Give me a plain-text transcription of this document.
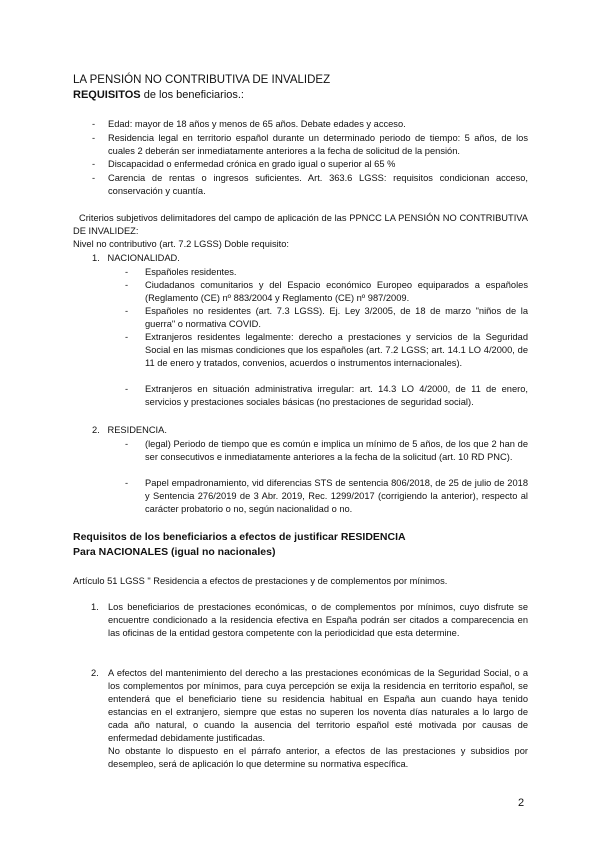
LA PENSIÓN NO CONTRIBUTIVA DE INVALIDEZ
REQUISITOS de los beneficiarios.:
- Edad: mayor de 18 años y menos de 65 años. Debate edades y acceso.
- Residencia legal en territorio español durante un determinado periodo de tiempo: 5 años, de los cuales 2 deberán ser inmediatamente anteriores a la fecha de solicitud de la pensión.
- Discapacidad o enfermedad crónica en grado igual o superior al 65 %
- Carencia de rentas o ingresos suficientes. Art. 363.6 LGSS: requisitos condicionan acceso, conservación y cuantía.
Criterios subjetivos delimitadores del campo de aplicación de las PPNCC LA PENSIÓN NO CONTRIBUTIVA DE INVALIDEZ:
Nivel no contributivo (art. 7.2 LGSS) Doble requisito:
1. NACIONALIDAD.
- Españoles residentes.
- Ciudadanos comunitarios y del Espacio económico Europeo equiparados a españoles (Reglamento (CE) nº 883/2004 y Reglamento (CE) nº 987/2009.
- Españoles no residentes (art. 7.3 LGSS). Ej. Ley 3/2005, de 18 de marzo "niños de la guerra" o normativa COVID.
- Extranjeros residentes legalmente: derecho a prestaciones y servicios de la Seguridad Social en las mismas condiciones que los españoles (art. 7.2 LGSS; art. 14.1 LO 4/2000, de 11 de enero y tratados, convenios, acuerdos o instrumentos internacionales).
- Extranjeros en situación administrativa irregular: art. 14.3 LO 4/2000, de 11 de enero, servicios y prestaciones sociales básicas (no prestaciones de seguridad social).
2. RESIDENCIA.
- (legal) Periodo de tiempo que es común e implica un mínimo de 5 años, de los que 2 han de ser consecutivos e inmediatamente anteriores a la fecha de la solicitud (art. 10 RD PNC).
- Papel empadronamiento, vid diferencias STS de sentencia 806/2018, de 25 de julio de 2018 y Sentencia 276/2019 de 3 Abr. 2019, Rec. 1299/2017 (corrigiendo la anterior), respecto al carácter probatorio o no, según nacionalidad o no.
Requisitos de los beneficiarios a efectos de justificar RESIDENCIA
Para NACIONALES (igual no nacionales)
Artículo 51 LGSS " Residencia a efectos de prestaciones y de complementos por mínimos.
1. Los beneficiarios de prestaciones económicas, o de complementos por mínimos, cuyo disfrute se encuentre condicionado a la residencia efectiva en España podrán ser citados a comparecencia en las oficinas de la entidad gestora competente con la periodicidad que esta determine.
2. A efectos del mantenimiento del derecho a las prestaciones económicas de la Seguridad Social, o a los complementos por mínimos, para cuya percepción se exija la residencia en territorio español, se entenderá que el beneficiario tiene su residencia habitual en España aun cuando haya tenido estancias en el extranjero, siempre que estas no superen los noventa días naturales a lo largo de cada año natural, o cuando la ausencia del territorio español esté motivada por causas de enfermedad debidamente justificadas.
No obstante lo dispuesto en el párrafo anterior, a efectos de las prestaciones y subsidios por desempleo, será de aplicación lo que determine su normativa específica.
2
